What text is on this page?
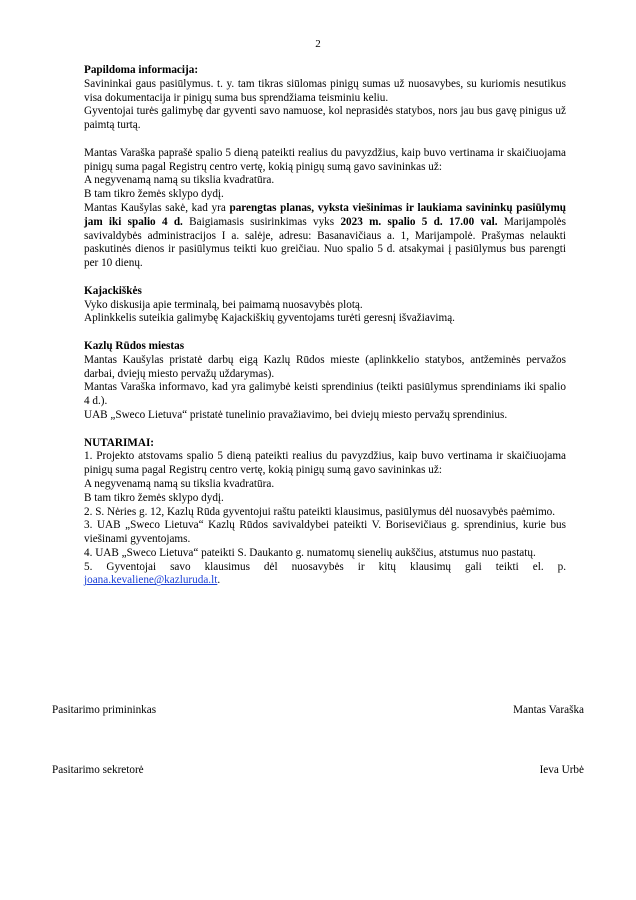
2

Papildoma informacija:

Savininkai gaus pasiūlymus. t. y. tam tikras siūlomas pinigų sumas už nuosavybes, su kuriomis nesutikus visa dokumentacija ir pinigų suma bus sprendžiama teisminiu keliu.

Gyventojai turės galimybę dar gyventi savo namuose, kol neprasidės statybos, nors jau bus gavę pinigus už paimtą turtą.

Mantas Varaška paprašė spalio 5 dieną pateikti realius du pavyzdžius, kaip buvo vertinama ir skaičiuojama pinigų suma pagal Registrų centro vertę, kokią pinigų sumą gavo savininkas už:

A negyvenamą namą su tikslia kvadratūra.

B tam tikro žemės sklypo dydį.

Mantas Kaušylas sakė, kad yra parengtas planas, vyksta viešinimas ir laukiama savininkų pasiūlymų jam iki spalio 4 d. Baigiamasis susirinkimas vyks 2023 m. spalio 5 d. 17.00 val. Marijampolės savivaldybės administracijos I a. salėje, adresu: Basanavičiaus a. 1, Marijampolė. Prašymas nelaukti paskutinės dienos ir pasiūlymus teikti kuo greičiau. Nuo spalio 5 d. atsakymai į pasiūlymus bus parengti per 10 dienų.

Kajackiškės

Vyko diskusija apie terminalą, bei paimamą nuosavybės plotą.

Aplinkkelis suteikia galimybę Kajackiškių gyventojams turėti geresnį išvažiavimą.

Kazlų Rūdos miestas

Mantas Kaušylas pristatė darbų eigą Kazlų Rūdos mieste (aplinkkelio statybos, antžeminės pervažos darbai, dviejų miesto pervažų uždarymas).

Mantas Varaška informavo, kad yra galimybė keisti sprendinius (teikti pasiūlymus sprendiniams iki spalio 4 d.).

UAB „Sweco Lietuva“ pristatė tunelinio pravažiavimo, bei dviejų miesto pervažų sprendinius.

NUTARIMAI:

1. Projekto atstovams spalio 5 dieną pateikti realius du pavyzdžius, kaip buvo vertinama ir skaičiuojama pinigų suma pagal Registrų centro vertę, kokią pinigų sumą gavo savininkas už:

A negyvenamą namą su tikslia kvadratūra.

B tam tikro žemės sklypo dydį.

2. S. Nėries g. 12, Kazlų Rūda gyventojui raštu pateikti klausimus, pasiūlymus dėl nuosavybės paėmimo.

3. UAB „Sweco Lietuva“ Kazlų Rūdos savivaldybei pateikti V. Borisevičiaus g. sprendinius, kurie bus viešinami gyventojams.

4. UAB „Sweco Lietuva“ pateikti S. Daukanto g. numatomų sienelių aukščius, atstumus nuo pastatų.

5. Gyventojai savo klausimus dėl nuosavybės ir kitų klausimų gali teikti el. p. joana.kevaliene@kazluruda.lt.

Pasitarimo primininkas	Mantas Varaška
Pasitarimo sekretorė	Ieva Urbė
